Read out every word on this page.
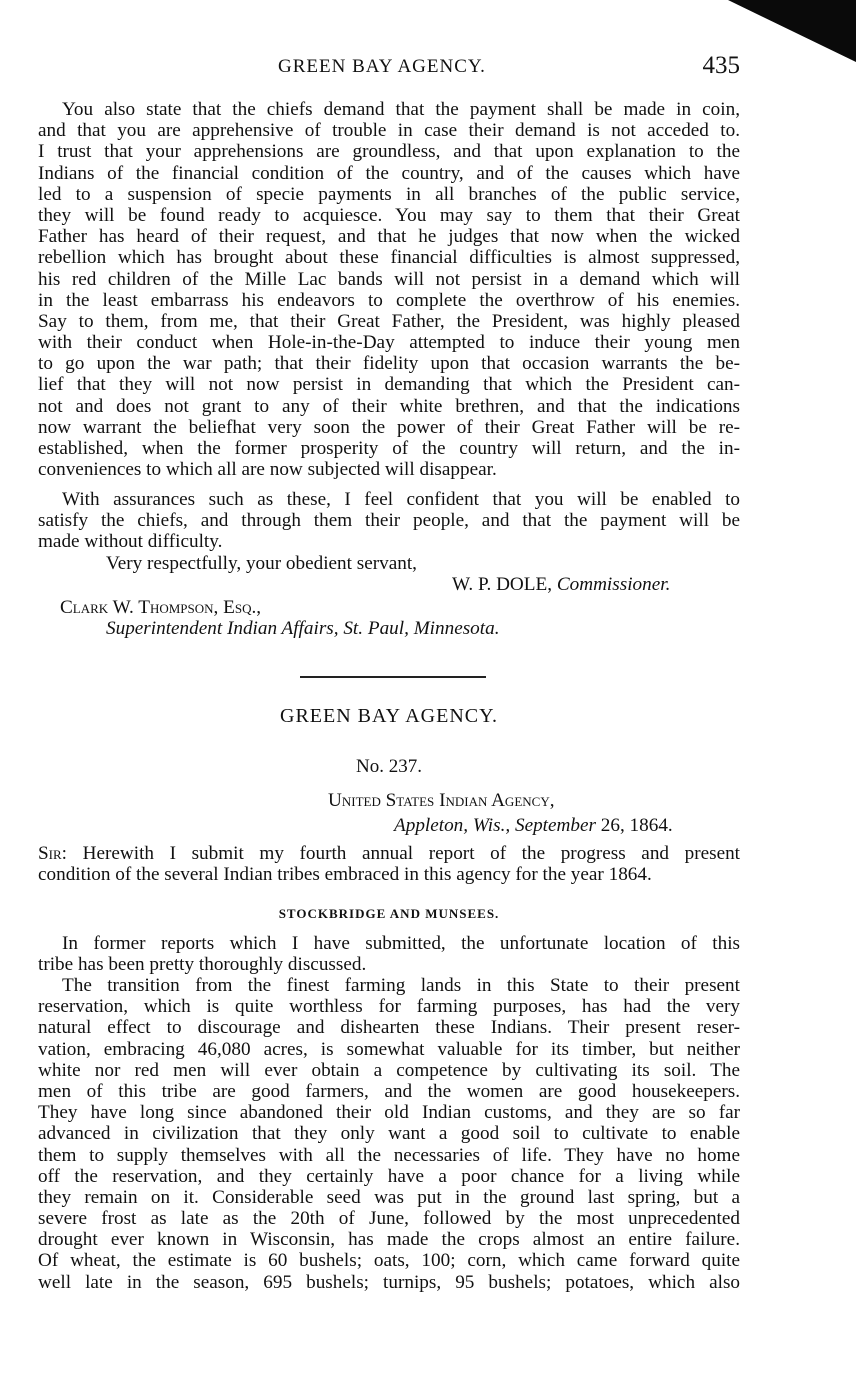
GREEN BAY AGENCY.	435
You also state that the chiefs demand that the payment shall be made in coin,
and that you are apprehensive of trouble in case their demand is not acceded to.
I trust that your apprehensions are groundless, and that upon explanation to the
Indians of the financial condition of the country, and of the causes which have
led to a suspension of specie payments in all branches of the public service,
they will be found ready to acquiesce. You may say to them that their Great
Father has heard of their request, and that he judges that now when the wicked
rebellion which has brought about these financial difficulties is almost suppressed,
his red children of the Mille Lac bands will not persist in a demand which will
in the least embarrass his endeavors to complete the overthrow of his enemies.
Say to them, from me, that their Great Father, the President, was highly pleased
with their conduct when Hole-in-the-Day attempted to induce their young men
to go upon the war path; that their fidelity upon that occasion warrants the be-
lief that they will not now persist in demanding that which the President can-
not and does not grant to any of their white brethren, and that the indications
now warrant the beliefhat very soon the power of their Great Father will be re-
established, when the former prosperity of the country will return, and the in-
conveniences to which all are now subjected will disappear.
With assurances such as these, I feel confident that you will be enabled to
satisfy the chiefs, and through them their people, and that the payment will be
made without difficulty.
Very respectfully, your obedient servant,
W. P. DOLE, Commissioner.
Clark W. Thompson, Esq.,
Superintendent Indian Affairs, St. Paul, Minnesota.
GREEN BAY AGENCY.
No. 237.
United States Indian Agency,
Appleton, Wis., September 26, 1864.
Sir: Herewith I submit my fourth annual report of the progress and present
condition of the several Indian tribes embraced in this agency for the year 1864.
STOCKBRIDGE AND MUNSEES.
In former reports which I have submitted, the unfortunate location of this
tribe has been pretty thoroughly discussed.
The transition from the finest farming lands in this State to their present
reservation, which is quite worthless for farming purposes, has had the very
natural effect to discourage and dishearten these Indians. Their present reser-
vation, embracing 46,080 acres, is somewhat valuable for its timber, but neither
white nor red men will ever obtain a competence by cultivating its soil. The
men of this tribe are good farmers, and the women are good housekeepers.
They have long since abandoned their old Indian customs, and they are so far
advanced in civilization that they only want a good soil to cultivate to enable
them to supply themselves with all the necessaries of life. They have no home
off the reservation, and they certainly have a poor chance for a living while
they remain on it. Considerable seed was put in the ground last spring, but a
severe frost as late as the 20th of June, followed by the most unprecedented
drought ever known in Wisconsin, has made the crops almost an entire failure.
Of wheat, the estimate is 60 bushels; oats, 100; corn, which came forward quite
well late in the season, 695 bushels; turnips, 95 bushels; potatoes, which also
